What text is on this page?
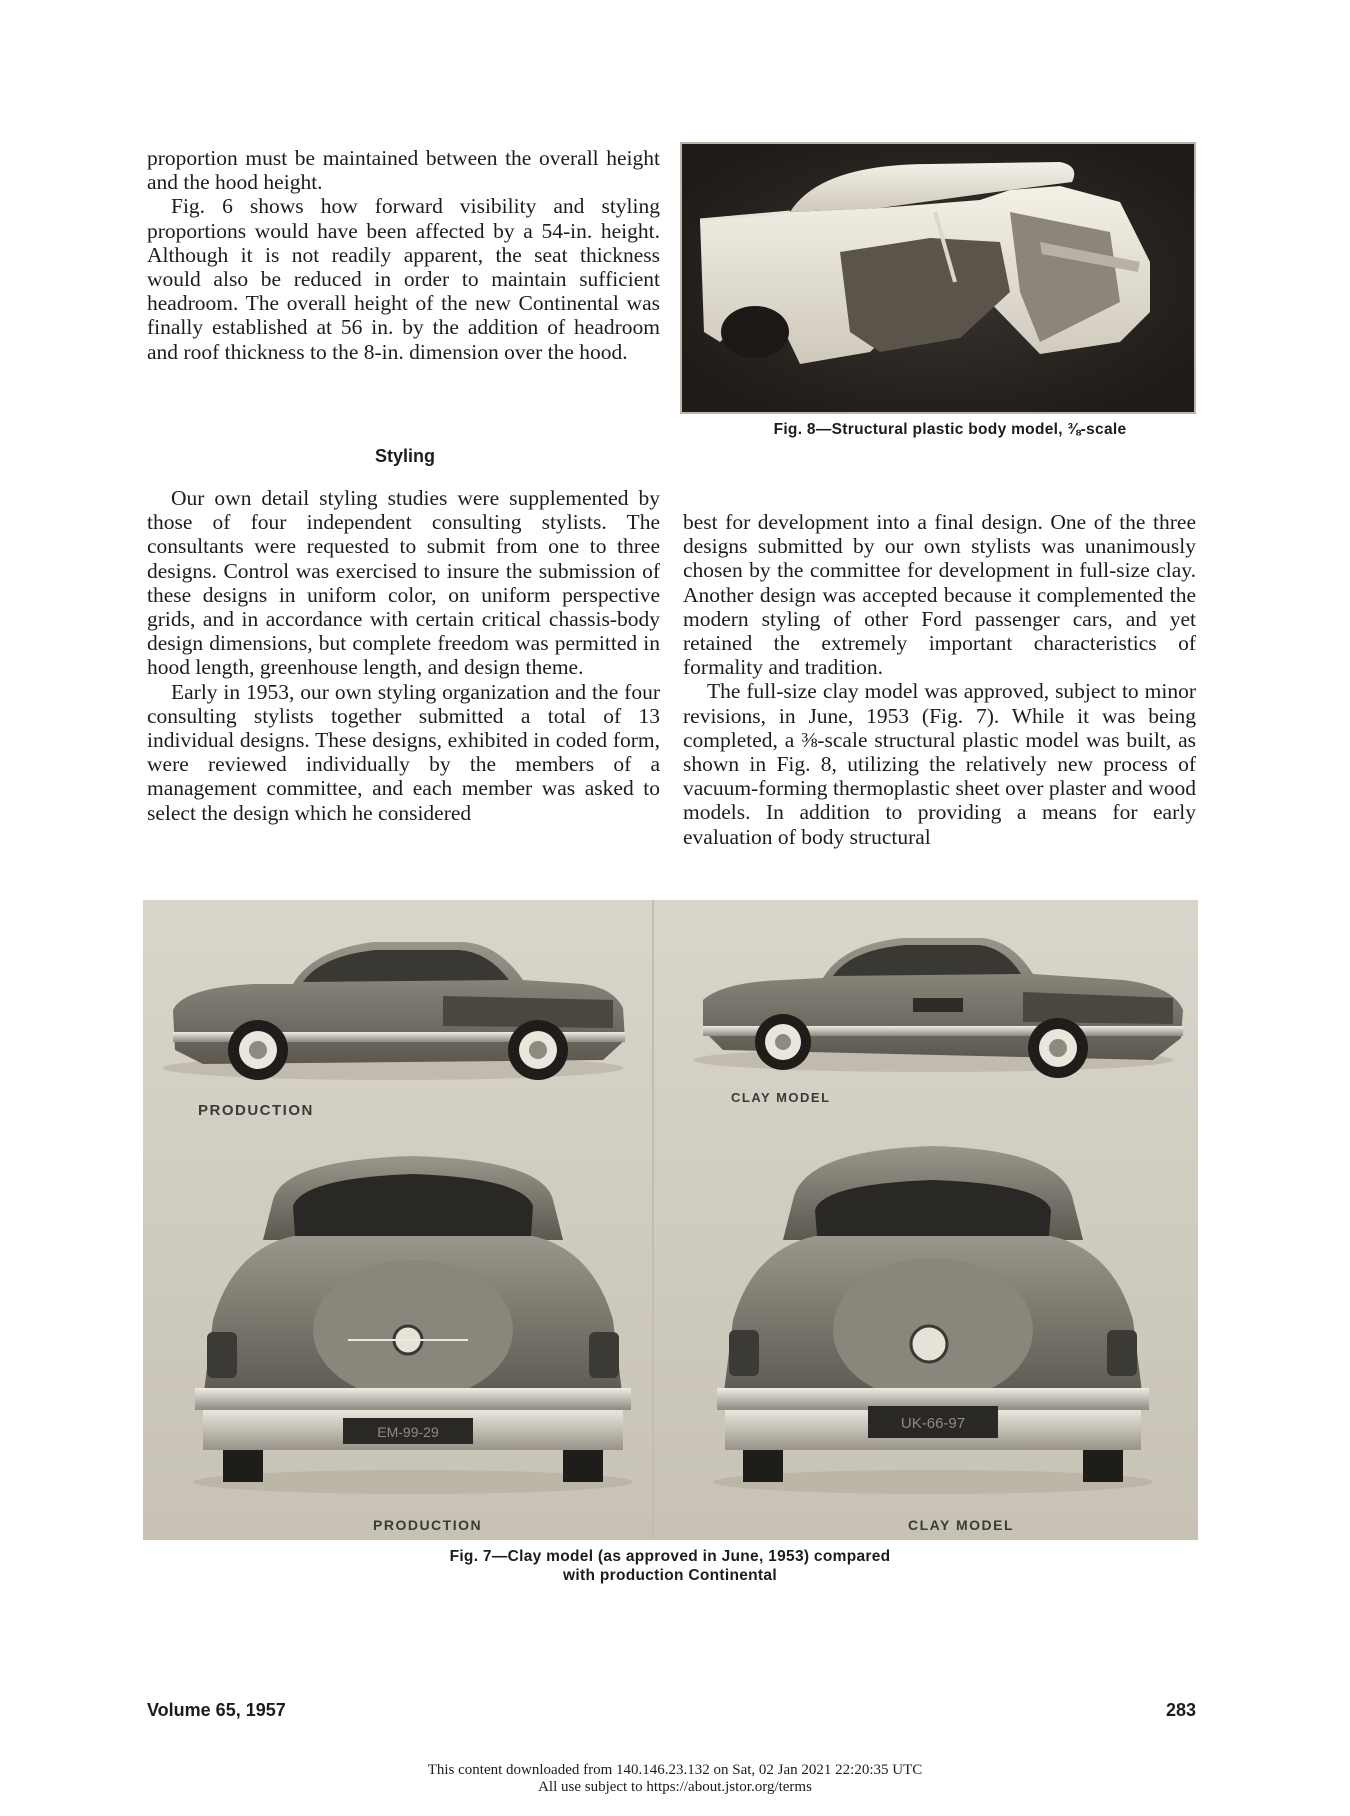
proportion must be maintained between the overall height and the hood height.

Fig. 6 shows how forward visibility and styling proportions would have been affected by a 54-in. height. Although it is not readily apparent, the seat thickness would also be reduced in order to maintain sufficient headroom. The overall height of the new Continental was finally established at 56 in. by the addition of headroom and roof thickness to the 8-in. dimension over the hood.

Styling

Our own detail styling studies were supplemented by those of four independent consulting stylists. The consultants were requested to submit from one to three designs. Control was exercised to insure the submission of these designs in uniform color, on uniform perspective grids, and in accordance with certain critical chassis-body design dimensions, but complete freedom was permitted in hood length, greenhouse length, and design theme.

Early in 1953, our own styling organization and the four consulting stylists together submitted a total of 13 individual designs. These designs, exhibited in coded form, were reviewed individually by the members of a management committee, and each member was asked to select the design which he considered

best for development into a final design. One of the three designs submitted by our own stylists was unanimously chosen by the committee for development in full-size clay. Another design was accepted because it complemented the modern styling of other Ford passenger cars, and yet retained the extremely important characteristics of formality and tradition.

The full-size clay model was approved, subject to minor revisions, in June, 1953 (Fig. 7). While it was being completed, a ⅜-scale structural plastic model was built, as shown in Fig. 8, utilizing the relatively new process of vacuum-forming thermoplastic sheet over plaster and wood models. In addition to providing a means for early evaluation of body structural

Fig. 8—Structural plastic body model, ⅜-scale
EM-99-29	UK-66-97
PRODUCTION
CLAY MODEL
PRODUCTION	CLAY MODEL
Fig. 7—Clay model (as approved in June, 1953) compared
with production Continental
Volume 65, 1957	283
This content downloaded from 140.146.23.132 on Sat, 02 Jan 2021 22:20:35 UTC
All use subject to https://about.jstor.org/terms
